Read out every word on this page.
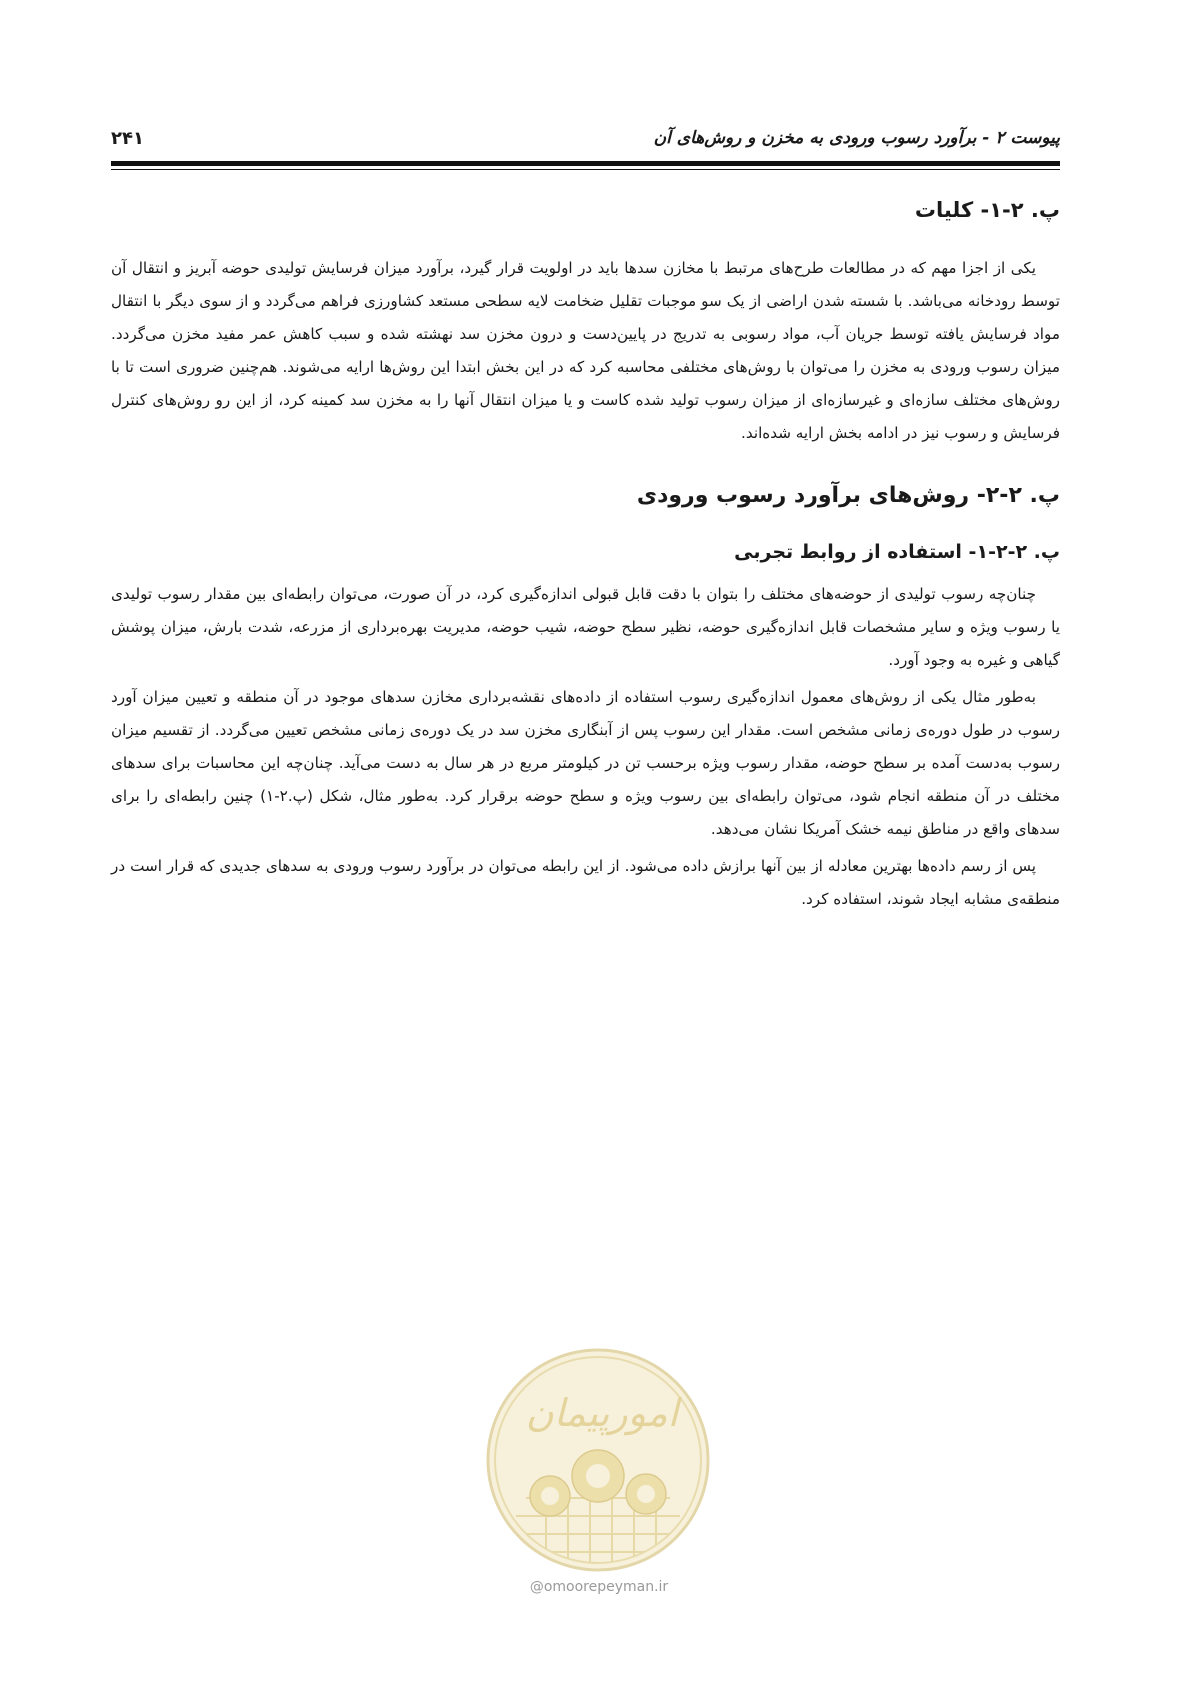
پیوست ۲ - برآورد رسوب ورودی به مخزن و روش‌های آن
۲۴۱
پ. ۲-۱- کلیات

یکی از اجزا مهم که در مطالعات طرح‌های مرتبط با مخازن سدها باید در اولویت قرار گیرد، برآورد میزان فرسایش تولیدی حوضه آبریز و انتقال آن توسط رودخانه می‌باشد. با شسته شدن اراضی از یک سو موجبات تقلیل ضخامت لایه سطحی مستعد کشاورزی فراهم می‌گردد و از سوی دیگر با انتقال مواد فرسایش یافته توسط جریان آب، مواد رسوبی به تدریج در پایین‌دست و درون مخزن سد نهشته شده و سبب کاهش عمر مفید مخزن می‌گردد. میزان رسوب ورودی به مخزن را می‌توان با روش‌های مختلفی محاسبه کرد که در این بخش ابتدا این روش‌ها ارایه می‌شوند. هم‌چنین ضروری است تا با روش‌های مختلف سازه‌ای و غیرسازه‌ای از میزان رسوب تولید شده کاست و یا میزان انتقال آنها را به مخزن سد کمینه کرد، از این رو روش‌های کنترل فرسایش و رسوب نیز در ادامه بخش ارایه شده‌اند.

پ. ۲-۲- روش‌های برآورد رسوب ورودی
پ. ۲-۲-۱- استفاده از روابط تجربی

چنان‌چه رسوب تولیدی از حوضه‌های مختلف را بتوان با دقت قابل قبولی اندازه‌گیری کرد، در آن صورت، می‌توان رابطه‌ای بین مقدار رسوب تولیدی یا رسوب ویژه و سایر مشخصات قابل اندازه‌گیری حوضه، نظیر سطح حوضه، شیب حوضه، مدیریت بهره‌برداری از مزرعه، شدت بارش، میزان پوشش گیاهی و غیره به وجود آورد.

به‌طور مثال یکی از روش‌های معمول اندازه‌گیری رسوب استفاده از داده‌های نقشه‌برداری مخازن سدهای موجود در آن منطقه و تعیین میزان آورد رسوب در طول دوره‌ی زمانی مشخص است. مقدار این رسوب پس از آبنگاری مخزن سد در یک دوره‌ی زمانی مشخص تعیین می‌گردد. از تقسیم میزان رسوب به‌دست آمده بر سطح حوضه، مقدار رسوب ویژه برحسب تن در کیلومتر مربع در هر سال به دست می‌آید. چنان‌چه این محاسبات برای سدهای مختلف در آن منطقه انجام شود، می‌توان رابطه‌ای بین رسوب ویژه و سطح حوضه برقرار کرد. به‌طور مثال، شکل (پ.۲-۱) چنین رابطه‌ای را برای سدهای واقع در مناطق نیمه خشک آمریکا نشان می‌دهد.

پس از رسم داده‌ها بهترین معادله از بین آنها برازش داده می‌شود. از این رابطه می‌توان در برآورد رسوب ورودی به سدهای جدیدی که قرار است در منطقه‌ی مشابه ایجاد شوند، استفاده کرد.

امورپیمان
@omoorepeyman.ir
